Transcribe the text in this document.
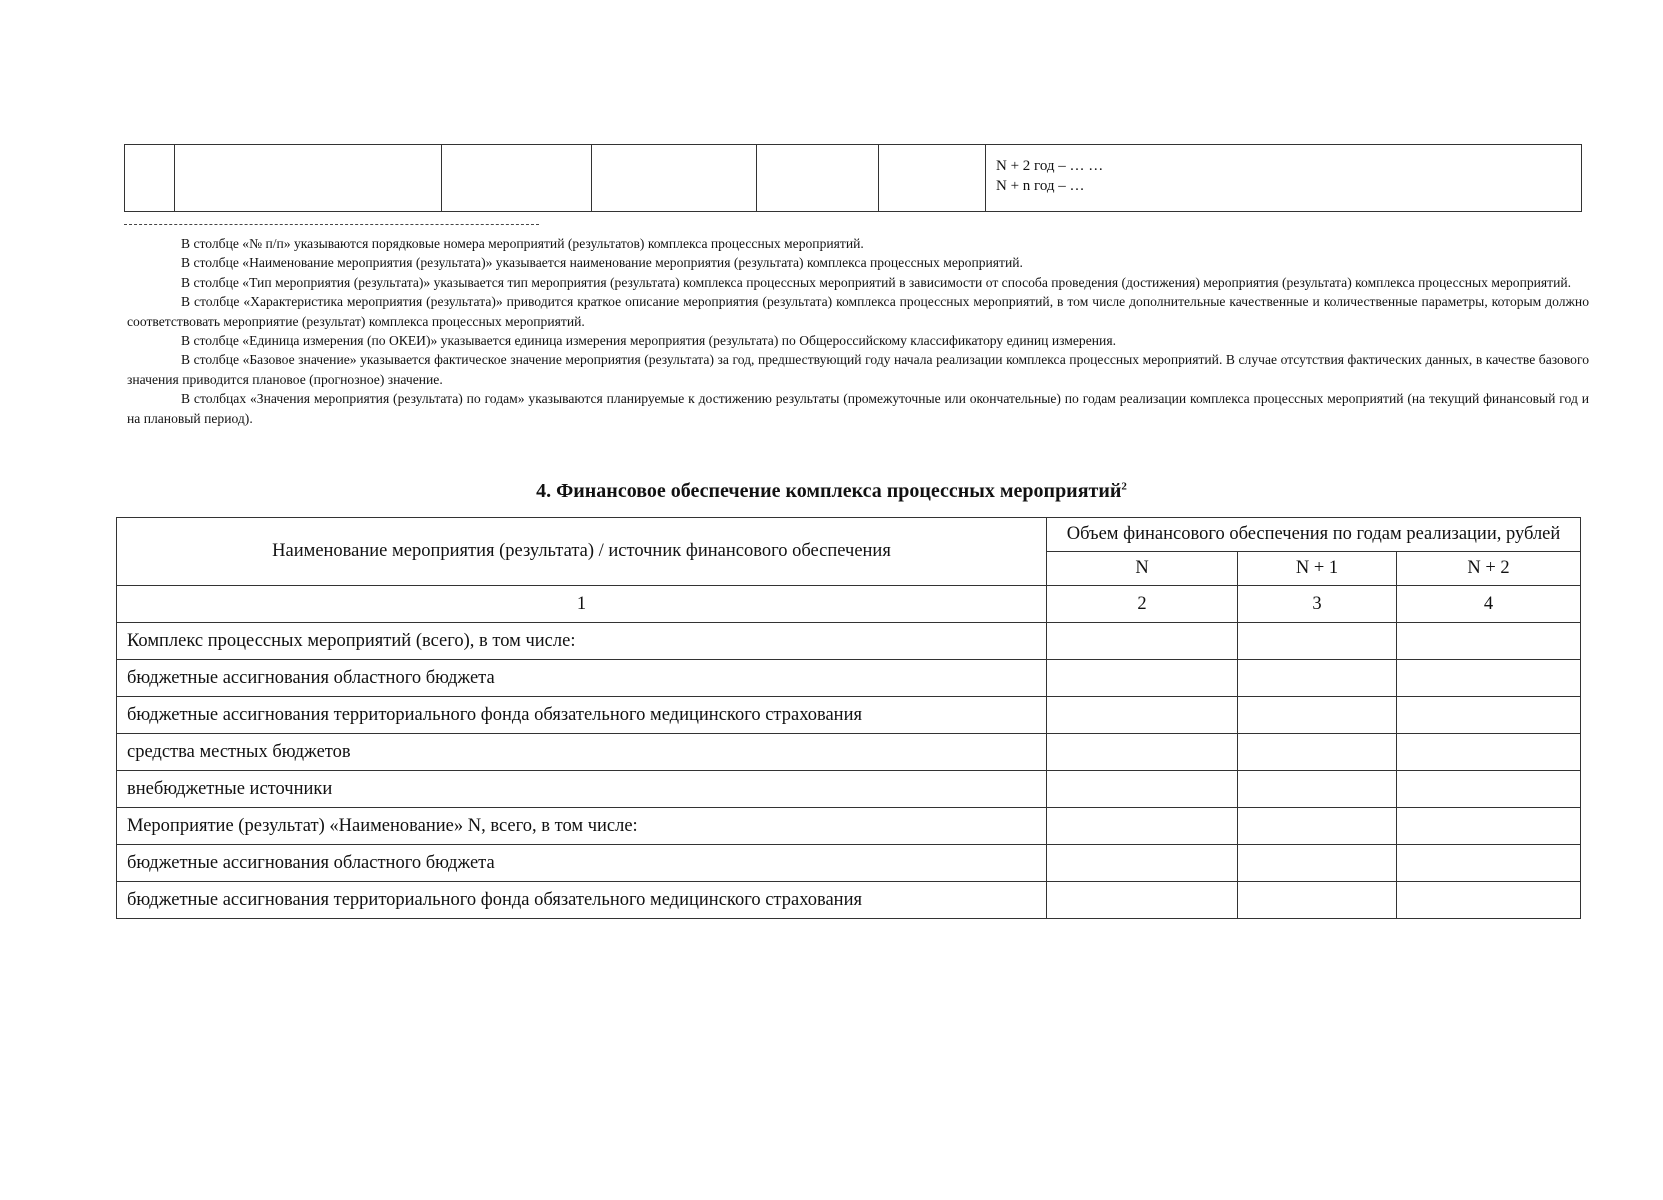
N + 2 год – … …
N + n год – …

В столбце «№ п/п» указываются порядковые номера мероприятий (результатов) комплекса процессных мероприятий.

В столбце «Наименование мероприятия (результата)» указывается наименование мероприятия (результата) комплекса процессных мероприятий.

В столбце «Тип мероприятия (результата)» указывается тип мероприятия (результата) комплекса процессных мероприятий в зависимости от способа проведения (достижения) мероприятия (результата) комплекса процессных мероприятий.

В столбце «Характеристика мероприятия (результата)» приводится краткое описание мероприятия (результата) комплекса процессных мероприятий, в том числе дополнительные качественные и количественные параметры, которым должно соответствовать мероприятие (результат) комплекса процессных мероприятий.

В столбце «Единица измерения (по ОКЕИ)» указывается единица измерения мероприятия (результата) по Общероссийскому классификатору единиц измерения.

В столбце «Базовое значение» указывается фактическое значение мероприятия (результата) за год, предшествующий году начала реализации комплекса процессных мероприятий. В случае отсутствия фактических данных, в качестве базового значения приводится плановое (прогнозное) значение.

В столбцах «Значения мероприятия (результата) по годам» указываются планируемые к достижению результаты (промежуточные или окончательные) по годам реализации комплекса процессных мероприятий (на текущий финансовый год и на плановый период).

4. Финансовое обеспечение комплекса процессных мероприятий$^2$
Наименование мероприятия (результата) / источник финансового обеспечения	Объем финансового обеспечения по годам реализации, рублей		
	N	N + 1	N + 2
1	2	3	4
Комплекс процессных мероприятий (всего), в том числе:			
бюджетные ассигнования областного бюджета			
бюджетные ассигнования территориального фонда обязательного медицинского страхования			
средства местных бюджетов			
внебюджетные источники			
Мероприятие (результат) «Наименование» N, всего, в том числе:			
бюджетные ассигнования областного бюджета			
бюджетные ассигнования территориального фонда обязательного медицинского страхования			
